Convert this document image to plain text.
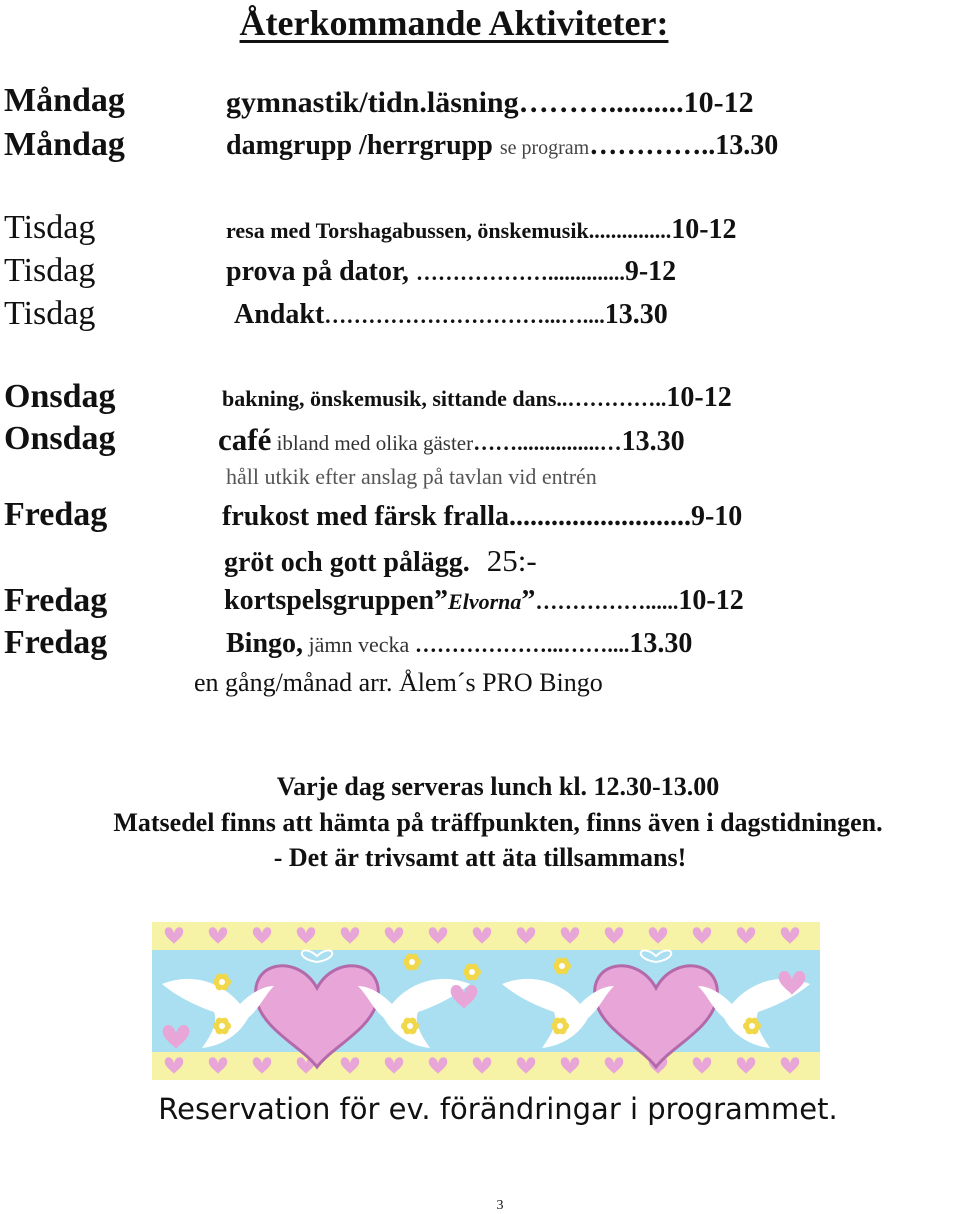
Återkommande Aktiviteter:
Måndag	gymnastik/tidn.läsning………..........10-12
Måndag	damgrupp /herrgrupp se program…………..13.30
Tisdag	resa med Torshagabussen, önskemusik...............10-12
Tisdag	prova på dator, ………………..............9-12
Tisdag	Andakt…………………………...…....13.30
Onsdag	bakning, önskemusik, sittande dans..…………..10-12
Onsdag	café ibland med olika gäster……...............…13.30
håll utkik efter anslag på tavlan vid entrén
Fredag	frukost med färsk fralla..........................9-10
gröt och gott pålägg. 25:-
Fredag	kortspelsgruppen”Elvorna”……………......10-12
Fredag	Bingo, jämn vecka ………………...……....13.30
en gång/månad arr. Ålem´s PRO Bingo
Varje dag serveras lunch kl. 12.30-13.00
Matsedel finns att hämta på träffpunkten, finns även i dagstidningen.
- Det är trivsamt att äta tillsammans!
Reservation för ev. förändringar i programmet.
3
